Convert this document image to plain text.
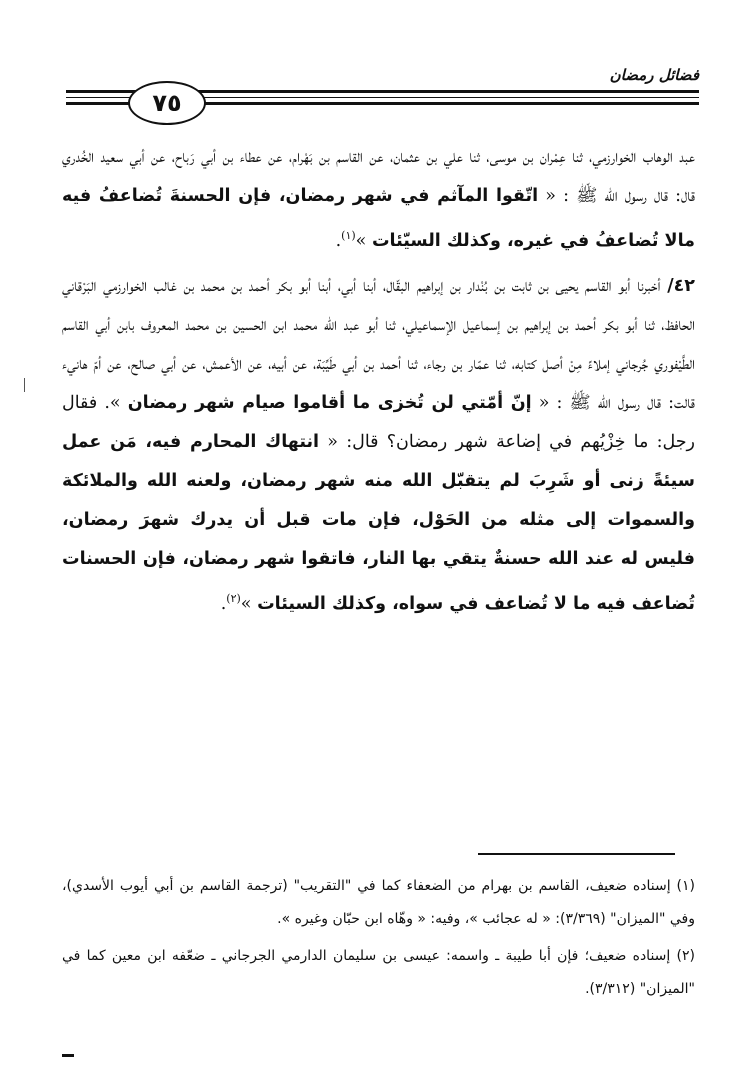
فضائل رمضان
٧٥

عبد الوهاب الخوارزمي، ثنا عِمْران بن موسى، ثنا علي بن عثمان، عن القاسم بن بَهْرام، عن عطاء بن أبي رَباح، عن أبي سعيد الخُدري قال: قال رسول الله ﷺ : « اتّقوا المآثم في شهر رمضان، فإن الحسنةَ تُضاعفُ فيه مالا تُضاعفُ في غيره، وكذلك السيّئات »$^{(١)}$.

٤٢/ أخبرنا أبو القاسم يحيى بن ثابت بن بُنْدار بن إبراهيم البقّال، أبنا أبي، أبنا أبو بكر أحمد بن محمد بن غالب الخوارزمي البَرْقاني الحافظ، ثنا أبو بكر أحمد بن إبراهيم بن إسماعيل الإسماعيلي، ثنا أبو عبد الله محمد ابن الحسين بن محمد المعروف بابن أبي القاسم الطَّيْفوري جُرجاني إملاءً مِنْ أصل كتابه، ثنا عمّار بن رجاء، ثنا أحمد بن أبي طَيِّبَة، عن أبيه، عن الأعمش، عن أبي صالح، عن أمّ هانيء قالت: قال رسول الله ﷺ : « إنّ أمّتي لن تُخزى ما أقاموا صيام شهر رمضان ». فقال رجل: ما خِزْيُهم في إضاعة شهر رمضان؟ قال: « انتهاك المحارم فيه، مَن عمل سيئةً زنى أو شَرِبَ لم يتقبّل الله منه شهر رمضان، ولعنه الله والملائكة والسموات إلى مثله من الحَوْل، فإن مات قبل أن يدرك شهرَ رمضان، فليس له عند الله حسنةٌ يتقي بها النار، فاتقوا شهر رمضان، فإن الحسنات تُضاعف فيه ما لا تُضاعف في سواه، وكذلك السيئات »$^{(٢)}$.

(١) إسناده ضعيف، القاسم بن بهرام من الضعفاء كما في "التقريب" (ترجمة القاسم بن أبي أيوب الأسدي)، وفي "الميزان" (٣/٣٦٩): « له عجائب »، وفيه: « وهّاه ابن حبّان وغيره ».

(٢) إسناده ضعيف؛ فإن أبا طيبة ـ واسمه: عيسى بن سليمان الدارمي الجرجاني ـ ضعّفه ابن معين كما في "الميزان" (٣/٣١٢).
